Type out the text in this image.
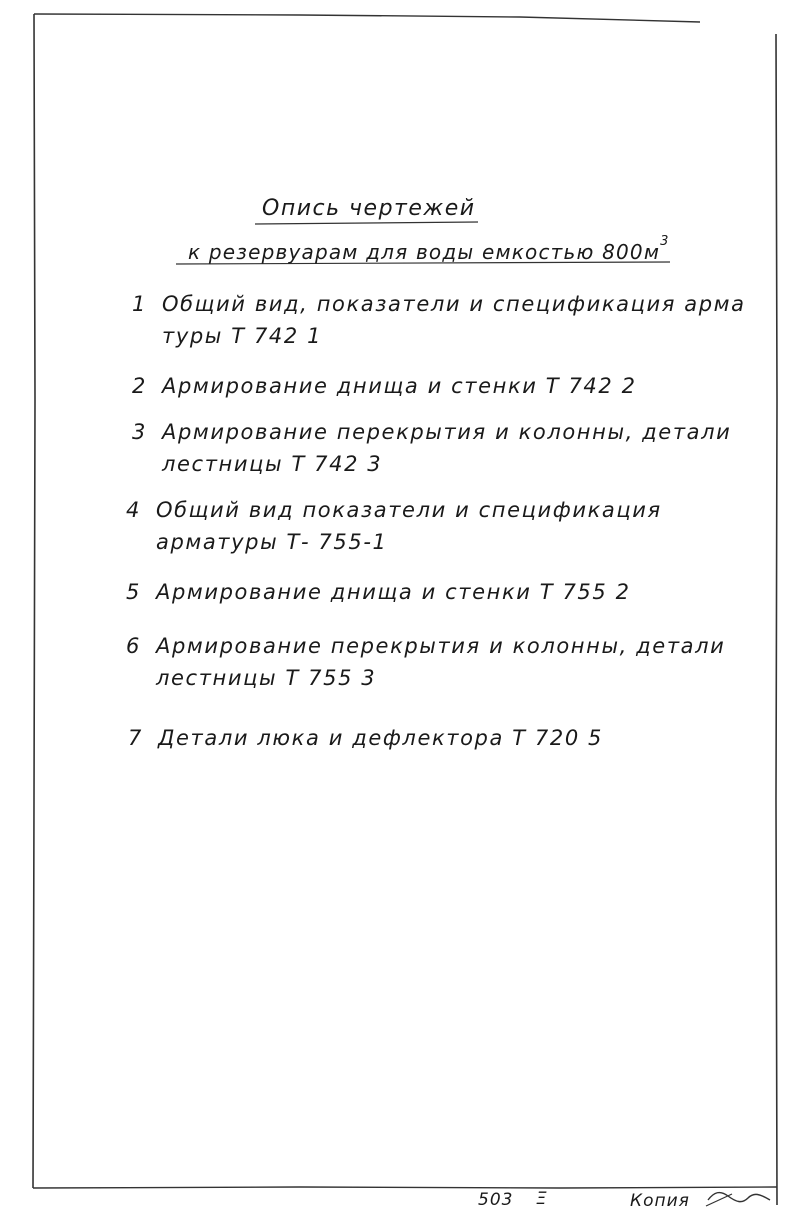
Опись чертежей
к резервуарам для воды емкостью $800м^3$
1 Общий вид, показатели и спецификация арма
туры Т 742 1
2 Армирование днища и стенки Т 742 2
3 Армирование перекрытия и колонны, детали
лестницы Т 742 3
4 Общий вид показатели и спецификация
арматуры Т- 755-1
5 Армирование днища и стенки Т 755 2
6 Армирование перекрытия и колонны, детали
лестницы Т 755 3
7 Детали люка и дефлектора Т 720 5
503 Ξ	Копия
